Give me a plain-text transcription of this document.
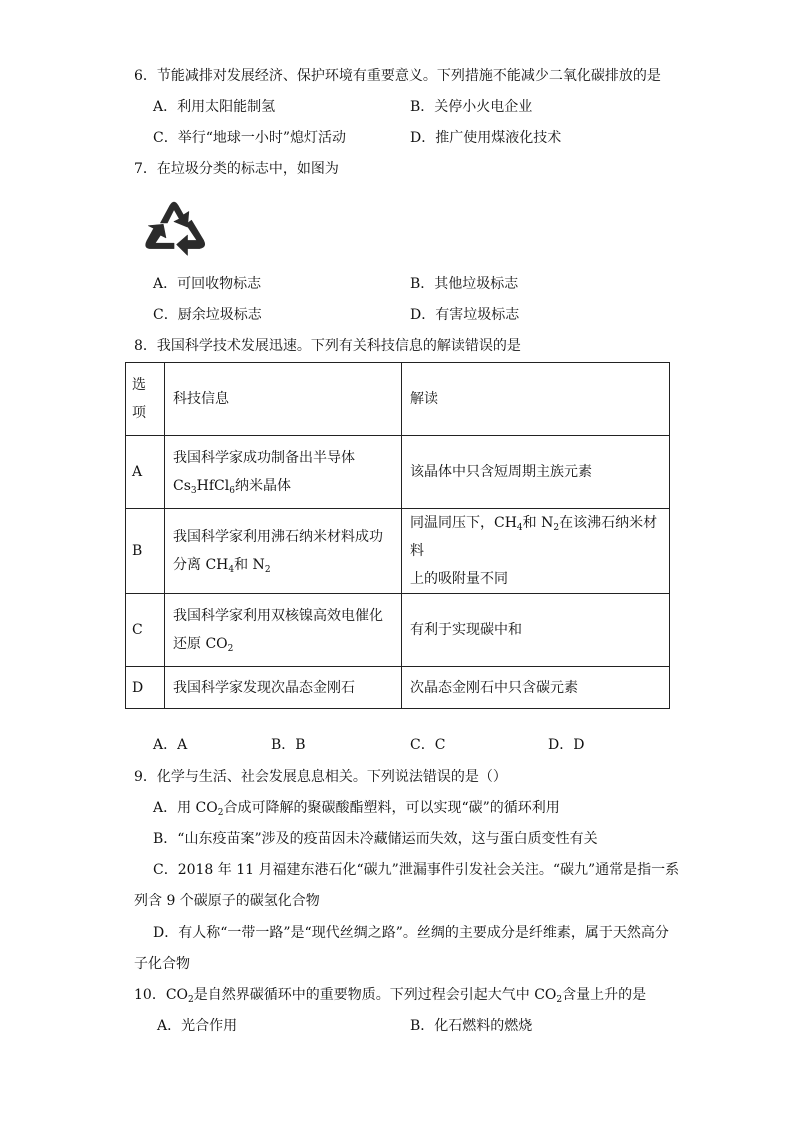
6．节能减排对发展经济、保护环境有重要意义。下列措施不能减少二氧化碳排放的是
A．利用太阳能制氢	B．关停小火电企业
C．举行“地球一小时”熄灯活动	D．推广使用煤液化技术
7．在垃圾分类的标志中，如图为
A．可回收物标志	B．其他垃圾标志
C．厨余垃圾标志	D．有害垃圾标志
8．我国科学技术发展迅速。下列有关科技信息的解读错误的是
选项	科技信息	解读
A	我国科学家成功制备出半导体
$Cs_3HfCl_6$纳米晶体	该晶体中只含短周期主族元素
B	我国科学家利用沸石纳米材料成功
分离 $CH_4$和 $N_2$	同温同压下，$CH_4$和 $N_2$在该沸石纳米材料
上的吸附量不同
C	我国科学家利用双核镍高效电催化
还原 $CO_2$	有利于实现碳中和
D	我国科学家发现次晶态金刚石	次晶态金刚石中只含碳元素
A．A	B．B	C．C	D．D
9．化学与生活、社会发展息息相关。下列说法错误的是（）
A．用 $CO_2$合成可降解的聚碳酸酯塑料，可以实现“碳”的循环利用
B．“山东疫苗案”涉及的疫苗因未冷藏储运而失效，这与蛋白质变性有关
C．2018 年 11 月福建东港石化“碳九”泄漏事件引发社会关注。“碳九”通常是指一系
列含 9 个碳原子的碳氢化合物
D．有人称“一带一路”是“现代丝绸之路”。丝绸的主要成分是纤维素，属于天然高分
子化合物
10．$CO_2$是自然界碳循环中的重要物质。下列过程会引起大气中 $CO_2$含量上升的是
A．光合作用	B．化石燃料的燃烧
